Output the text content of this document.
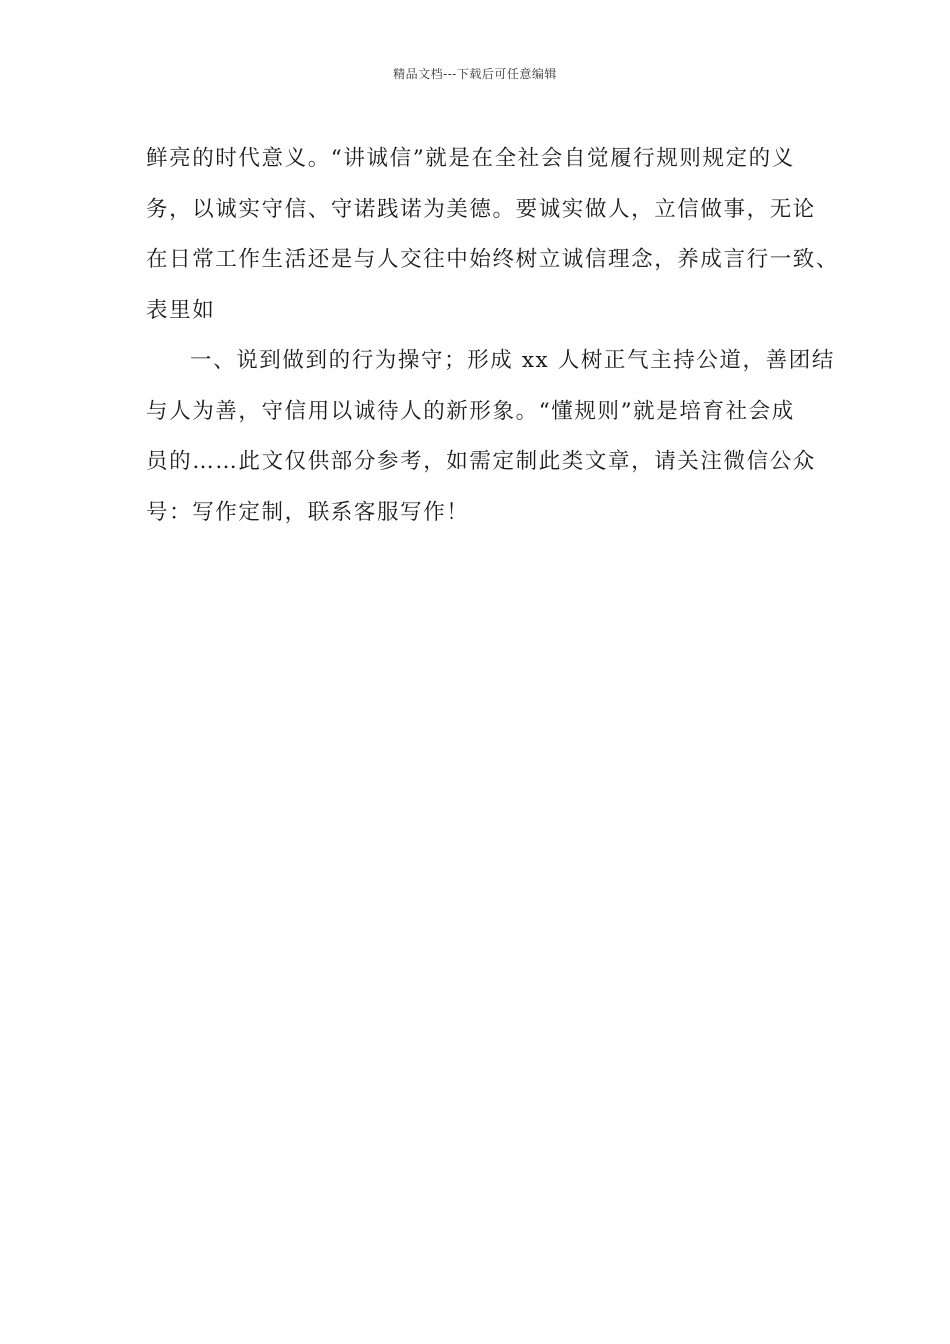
精品文档---下载后可任意编辑
鲜亮的时代意义。“讲诚信”就是在全社会自觉履行规则规定的义
务，以诚实守信、守诺践诺为美德。要诚实做人，立信做事，无论
在日常工作生活还是与人交往中始终树立诚信理念，养成言行一致、
表里如
一、说到做到的行为操守；形成 xx 人树正气主持公道，善团结
与人为善，守信用以诚待人的新形象。“懂规则”就是培育社会成
员的……此文仅供部分参考，如需定制此类文章，请关注微信公众
号：写作定制，联系客服写作！
